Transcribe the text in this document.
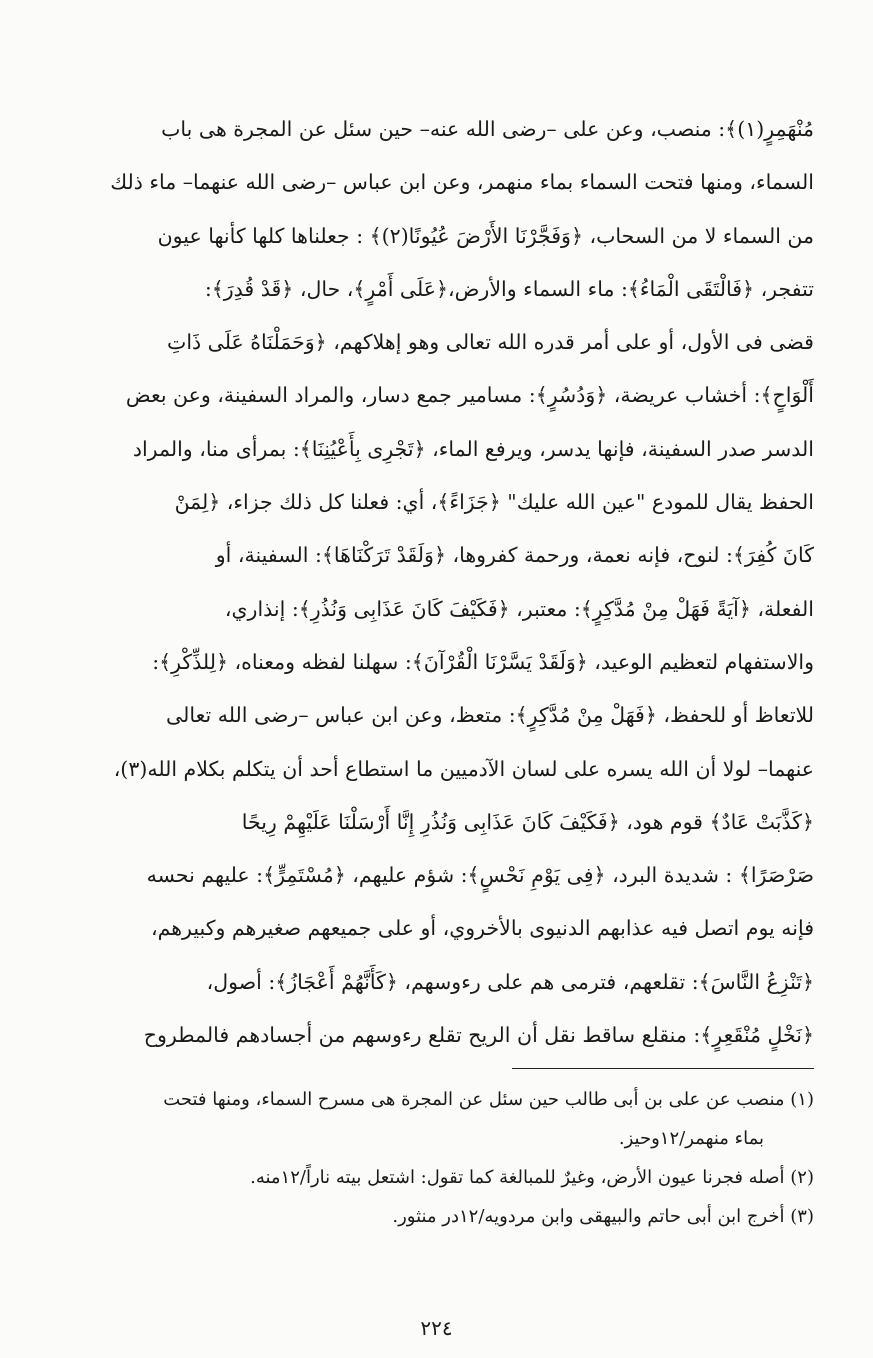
مُنْهَمِرٍ(١)﴾: منصب، وعن على –رضى الله عنه– حين سئل عن المجرة هى باب
السماء، ومنها فتحت السماء بماء منهمر، وعن ابن عباس –رضى الله عنهما– ماء ذلك
من السماء لا من السحاب، ﴿وَفَجَّرْنَا الأَرْضَ عُيُونًا(٢)﴾ : جعلناها كلها كأنها عيون
تتفجر، ﴿فَالْتَقَى الْمَاءُ﴾: ماء السماء والأرض،﴿عَلَى أَمْرٍ﴾، حال، ﴿قَدْ قُدِرَ﴾:
قضى فى الأول، أو على أمر قدره الله تعالى وهو إهلاكهم، ﴿وَحَمَلْنَاهُ عَلَى ذَاتِ
أَلْوَاحٍ﴾: أخشاب عريضة، ﴿وَدُسُرٍ﴾: مسامير جمع دسار، والمراد السفينة، وعن بعض
الدسر صدر السفينة، فإنها يدسر، ويرفع الماء، ﴿تَجْرِى بِأَعْيُنِنَا﴾: بمرأى منا، والمراد
الحفظ يقال للمودع "عين الله عليك" ﴿جَزَاءً﴾، أي: فعلنا كل ذلك جزاء، ﴿لِمَنْ
كَانَ كُفِرَ﴾: لنوح، فإنه نعمة، ورحمة كفروها، ﴿وَلَقَدْ تَرَكْنَاهَا﴾: السفينة، أو
الفعلة، ﴿آيَةً فَهَلْ مِنْ مُدَّكِرٍ﴾: معتبر، ﴿فَكَيْفَ كَانَ عَذَابِى وَنُذُرِ﴾: إنذاري،
والاستفهام لتعظيم الوعيد، ﴿وَلَقَدْ يَسَّرْنَا الْقُرْآنَ﴾: سهلنا لفظه ومعناه، ﴿لِلذِّكْرِ﴾:
للاتعاظ أو للحفظ، ﴿فَهَلْ مِنْ مُدَّكِرٍ﴾: متعظ، وعن ابن عباس –رضى الله تعالى
عنهما– لولا أن الله يسره على لسان الآدميين ما استطاع أحد أن يتكلم بكلام الله(٣)،
﴿كَذَّبَتْ عَادٌ﴾ قوم هود، ﴿فَكَيْفَ كَانَ عَذَابِى وَنُذُرِ إِنَّا أَرْسَلْنَا عَلَيْهِمْ رِيحًا
صَرْصَرًا﴾ : شديدة البرد، ﴿فِى يَوْمِ نَحْسٍ﴾: شؤم عليهم، ﴿مُسْتَمِرٍّ﴾: عليهم نحسه
فإنه يوم اتصل فيه عذابهم الدنيوى بالأخروي، أو على جميعهم صغيرهم وكبيرهم،
﴿تَنْزِعُ النَّاسَ﴾: تقلعهم، فترمى هم على رءوسهم، ﴿كَأَنَّهُمْ أَعْجَازُ﴾: أصول،
﴿نَخْلٍ مُنْقَعِرٍ﴾: منقلع ساقط نقل أن الريح تقلع رءوسهم من أجسادهم فالمطروح
(١) منصب عن على بن أبى طالب حين سئل عن المجرة هى مسرح السماء، ومنها فتحت
بماء منهمر/١٢وحيز.
(٢) أصله فجرنا عيون الأرض، وغيرٌ للمبالغة كما تقول: اشتعل بيته ناراً/١٢منه.
(٣) أخرج ابن أبى حاتم والبيهقى وابن مردويه/١٢در منثور.
٢٢٤
